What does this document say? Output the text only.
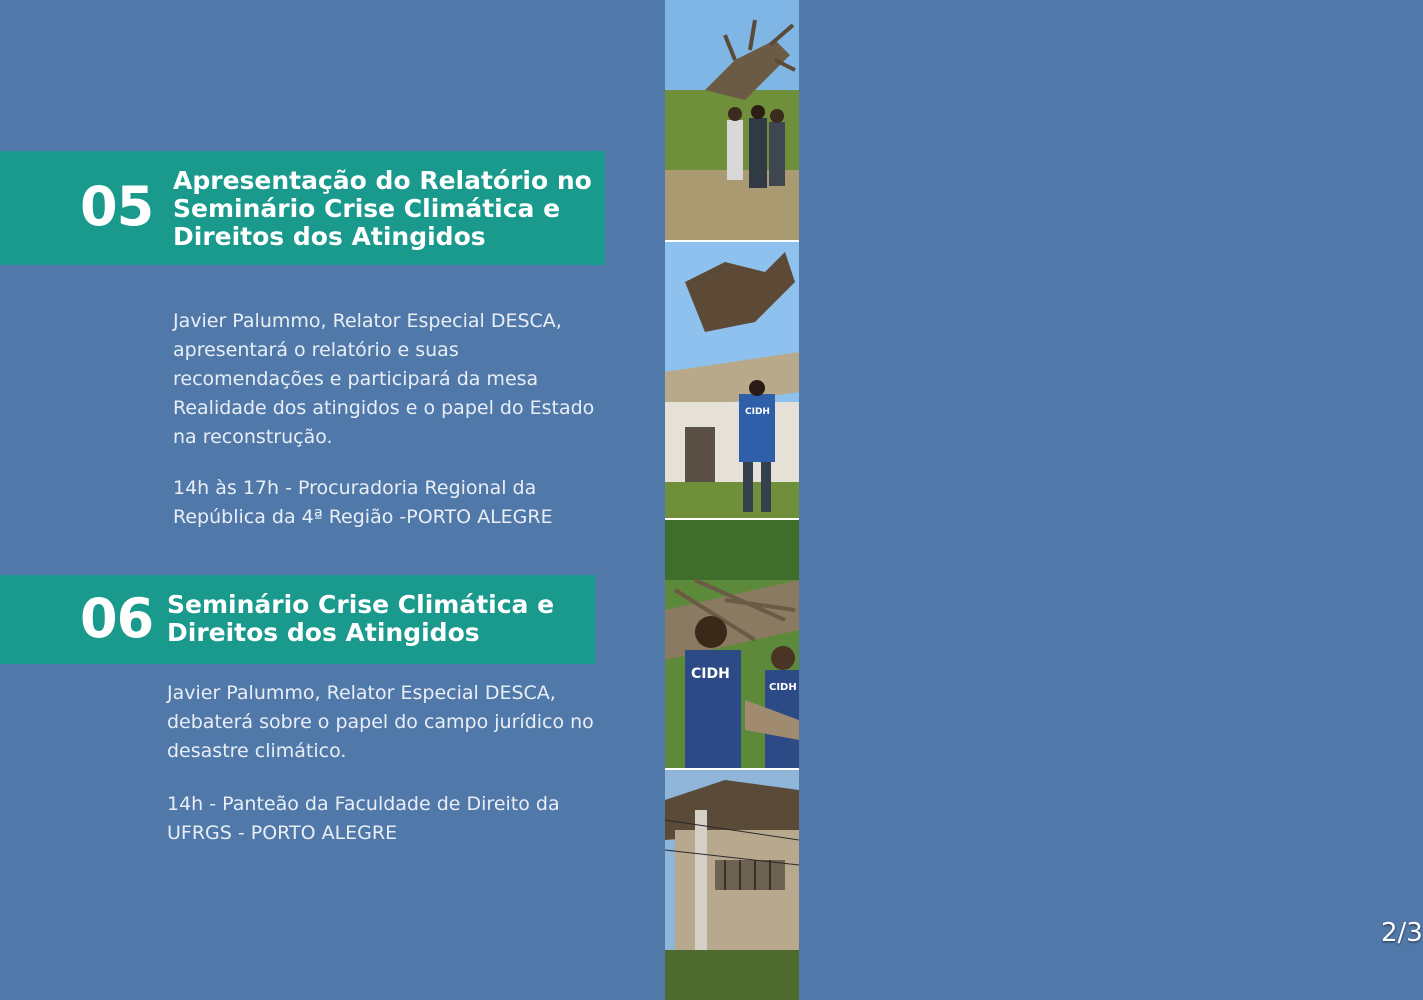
05 Apresentação do Relatório no
Seminário Crise Climática e
Direitos dos Atingidos
Javier Palummo, Relator Especial DESCA,
apresentará o relatório e suas
recomendações e participará da mesa
Realidade dos atingidos e o papel do Estado
na reconstrução.
14h às 17h - Procuradoria Regional da
República da 4ª Região -PORTO ALEGRE
06 Seminário Crise Climática e
Direitos dos Atingidos
Javier Palummo, Relator Especial DESCA,
debaterá sobre o papel do campo jurídico no
desastre climático.
14h - Panteão da Faculdade de Direito da
UFRGS - PORTO ALEGRE
CIDH
CIDH
CIDH
2/3
